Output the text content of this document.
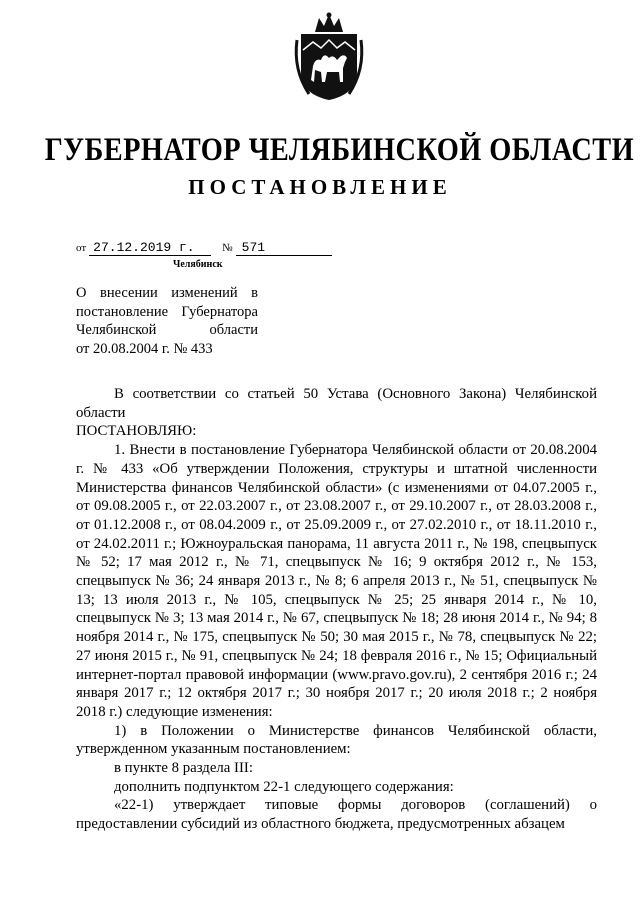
ГУБЕРНАТОР ЧЕЛЯБИНСКОЙ ОБЛАСТИ
ПОСТАНОВЛЕНИЕ
от 27.12.2019 г.	№ 571
Челябинск
О внесении изменений в
постановление Губернатора
Челябинской области
от 20.08.2004 г. № 433

В соответствии со статьей 50 Устава (Основного Закона) Челябинской области

ПОСТАНОВЛЯЮ:

1. Внести в постановление Губернатора Челябинской области от 20.08.2004 г. № 433 «Об утверждении Положения, структуры и штатной численности Министерства финансов Челябинской области» (с изменениями от 04.07.2005 г., от 09.08.2005 г., от 22.03.2007 г., от 23.08.2007 г., от 29.10.2007 г., от 28.03.2008 г., от 01.12.2008 г., от 08.04.2009 г., от 25.09.2009 г., от 27.02.2010 г., от 18.11.2010 г., от 24.02.2011 г.; Южноуральская панорама, 11 августа 2011 г., № 198, спецвыпуск № 52; 17 мая 2012 г., № 71, спецвыпуск № 16; 9 октября 2012 г., № 153, спецвыпуск № 36; 24 января 2013 г., № 8; 6 апреля 2013 г., № 51, спецвыпуск № 13; 13 июля 2013 г., № 105, спецвыпуск № 25; 25 января 2014 г., № 10, спецвыпуск № 3; 13 мая 2014 г., № 67, спецвыпуск № 18; 28 июня 2014 г., № 94; 8 ноября 2014 г., № 175, спецвыпуск № 50; 30 мая 2015 г., № 78, спецвыпуск № 22; 27 июня 2015 г., № 91, спецвыпуск № 24; 18 февраля 2016 г., № 15; Официальный интернет-портал правовой информации (www.pravo.gov.ru), 2 сентября 2016 г.; 24 января 2017 г.; 12 октября 2017 г.; 30 ноября 2017 г.; 20 июля 2018 г.; 2 ноября 2018 г.) следующие изменения:

1) в Положении о Министерстве финансов Челябинской области, утвержденном указанным постановлением:

в пункте 8 раздела III:

дополнить подпунктом 22-1 следующего содержания:

«22-1) утверждает типовые формы договоров (соглашений) о предоставлении субсидий из областного бюджета, предусмотренных абзацем
